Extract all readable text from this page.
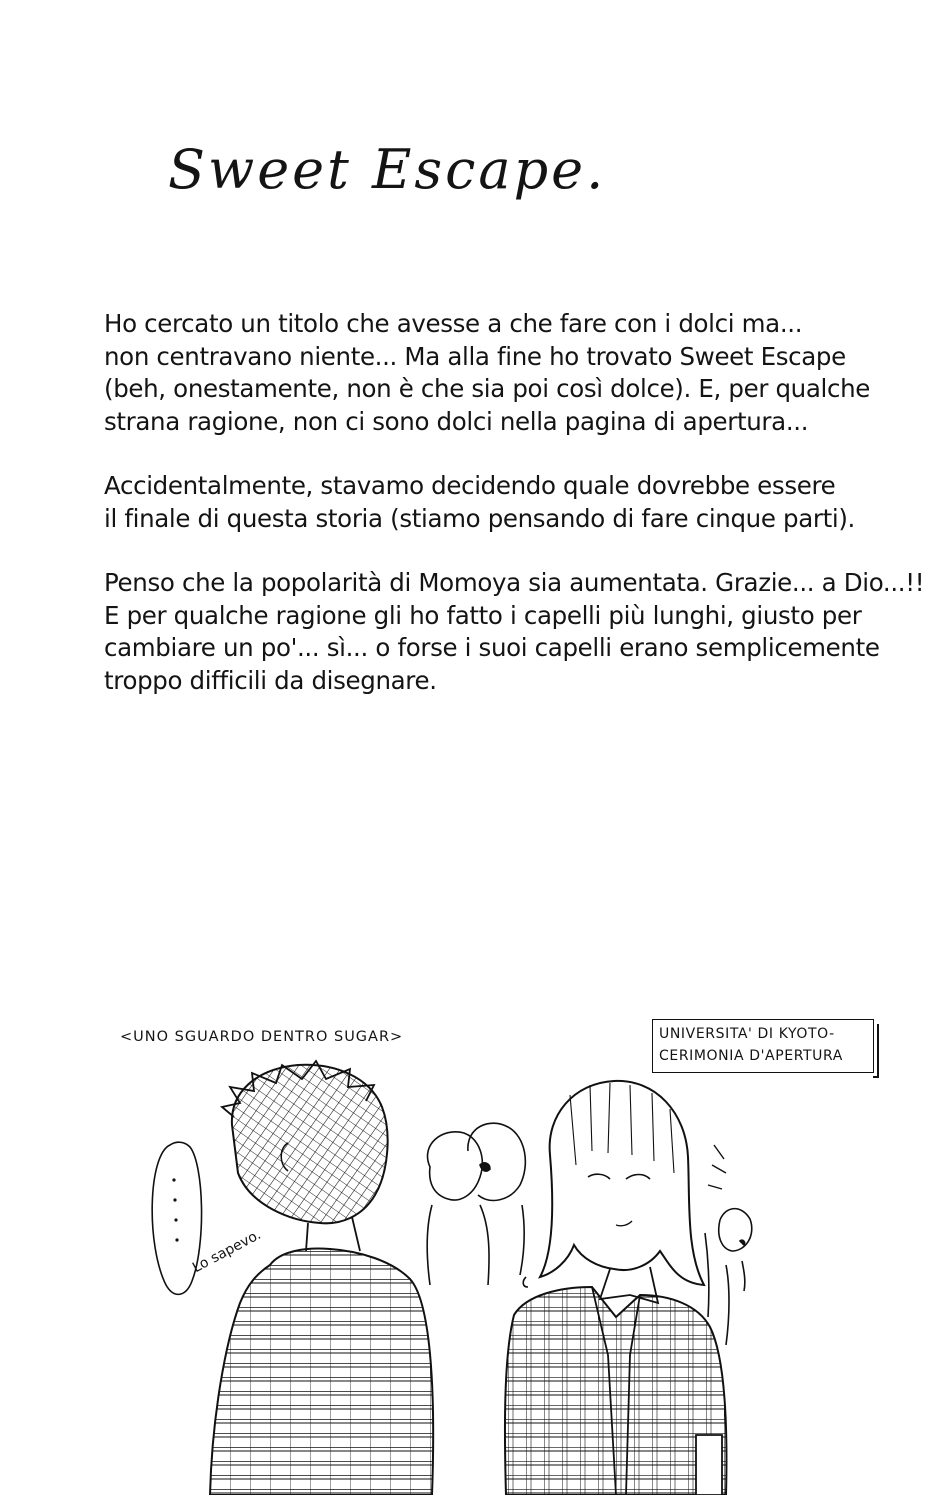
Sweet Escape.

Ho cercato un titolo che avesse a che fare con i dolci ma...
non centravano niente... Ma alla fine ho trovato Sweet Escape
(beh, onestamente, non è che sia poi così dolce). E, per qualche
strana ragione, non ci sono dolci nella pagina di apertura...

Accidentalmente, stavamo decidendo quale dovrebbe essere
il finale di questa storia (stiamo pensando di fare cinque parti).

Penso che la popolarità di Momoya sia aumentata. Grazie... a Dio...!!
E per qualche ragione gli ho fatto i capelli più lunghi, giusto per
cambiare un po'... sì... o forse i suoi capelli erano semplicemente
troppo difficili da disegnare.

<UNO SGUARDO DENTRO SUGAR>	UNIVERSITA' DI KYOTO-
CERIMONIA D'APERTURA
Lo sapevo.
